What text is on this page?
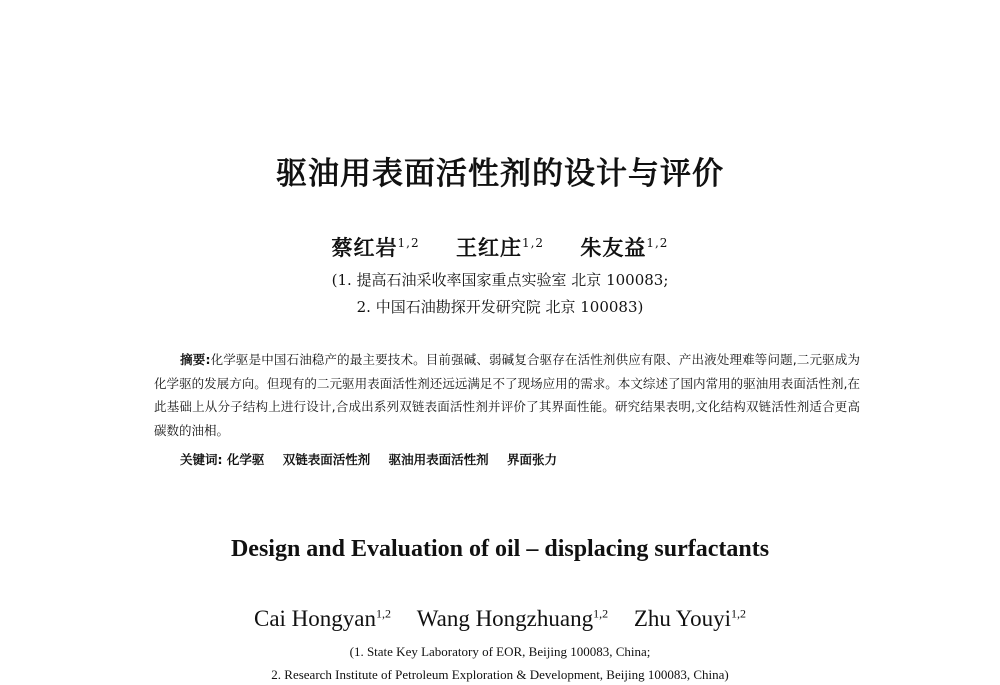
驱油用表面活性剂的设计与评价
蔡红岩$^{1,2}$ 王红庄$^{1,2}$ 朱友益$^{1,2}$
(1. 提高石油采收率国家重点实验室 北京 100083;
2. 中国石油勘探开发研究院 北京 100083)
摘要:化学驱是中国石油稳产的最主要技术。目前强碱、弱碱复合驱存在活性剂供应有限、产出液处理难等问题,二元驱成为化学驱的发展方向。但现有的二元驱用表面活性剂还远远满足不了现场应用的需求。本文综述了国内常用的驱油用表面活性剂,在此基础上从分子结构上进行设计,合成出系列双链表面活性剂并评价了其界面性能。研究结果表明,文化结构双链活性剂适合更高碳数的油相。
关键词: 化学驱 双链表面活性剂 驱油用表面活性剂 界面张力
Design and Evaluation of oil – displacing surfactants
Cai Hongyan$^{1,2}$ Wang Hongzhuang$^{1,2}$ Zhu Youyi$^{1,2}$
(1. State Key Laboratory of EOR, Beijing 100083, China;
2. Research Institute of Petroleum Exploration & Development, Beijing 100083, China)
